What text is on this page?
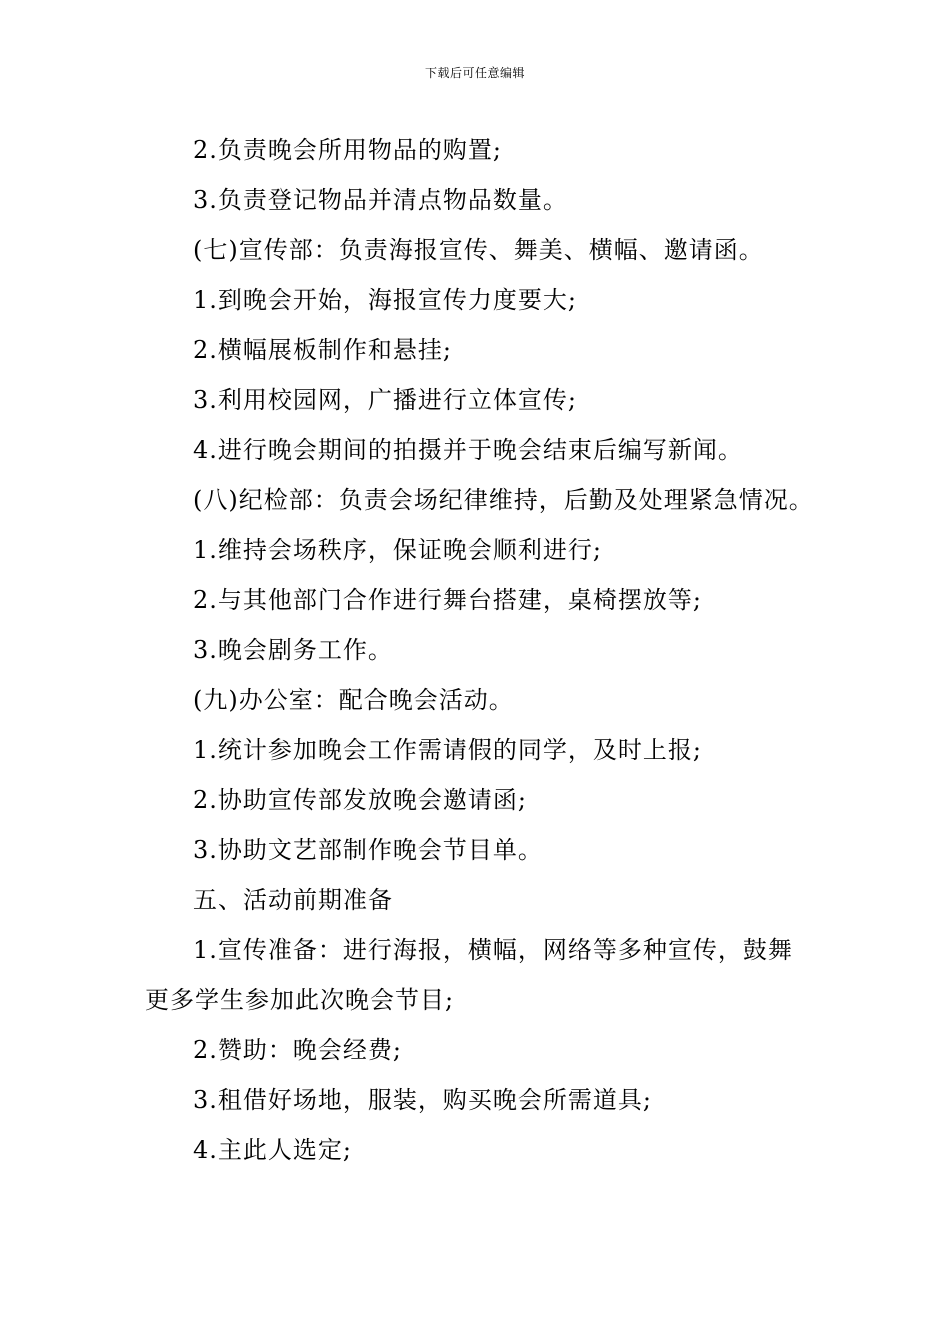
下载后可任意编辑

2.负责晚会所用物品的购置;

3.负责登记物品并清点物品数量。

(七)宣传部：负责海报宣传、舞美、横幅、邀请函。

1.到晚会开始，海报宣传力度要大;

2.横幅展板制作和悬挂;

3.利用校园网，广播进行立体宣传;

4.进行晚会期间的拍摄并于晚会结束后编写新闻。

(八)纪检部：负责会场纪律维持，后勤及处理紧急情况。

1.维持会场秩序，保证晚会顺利进行;

2.与其他部门合作进行舞台搭建，桌椅摆放等;

3.晚会剧务工作。

(九)办公室：配合晚会活动。

1.统计参加晚会工作需请假的同学，及时上报;

2.协助宣传部发放晚会邀请函;

3.协助文艺部制作晚会节目单。

五、活动前期准备

1.宣传准备：进行海报，横幅，网络等多种宣传，鼓舞更多学生参加此次晚会节目;

2.赞助：晚会经费;

3.租借好场地，服装，购买晚会所需道具;

4.主此人选定;
